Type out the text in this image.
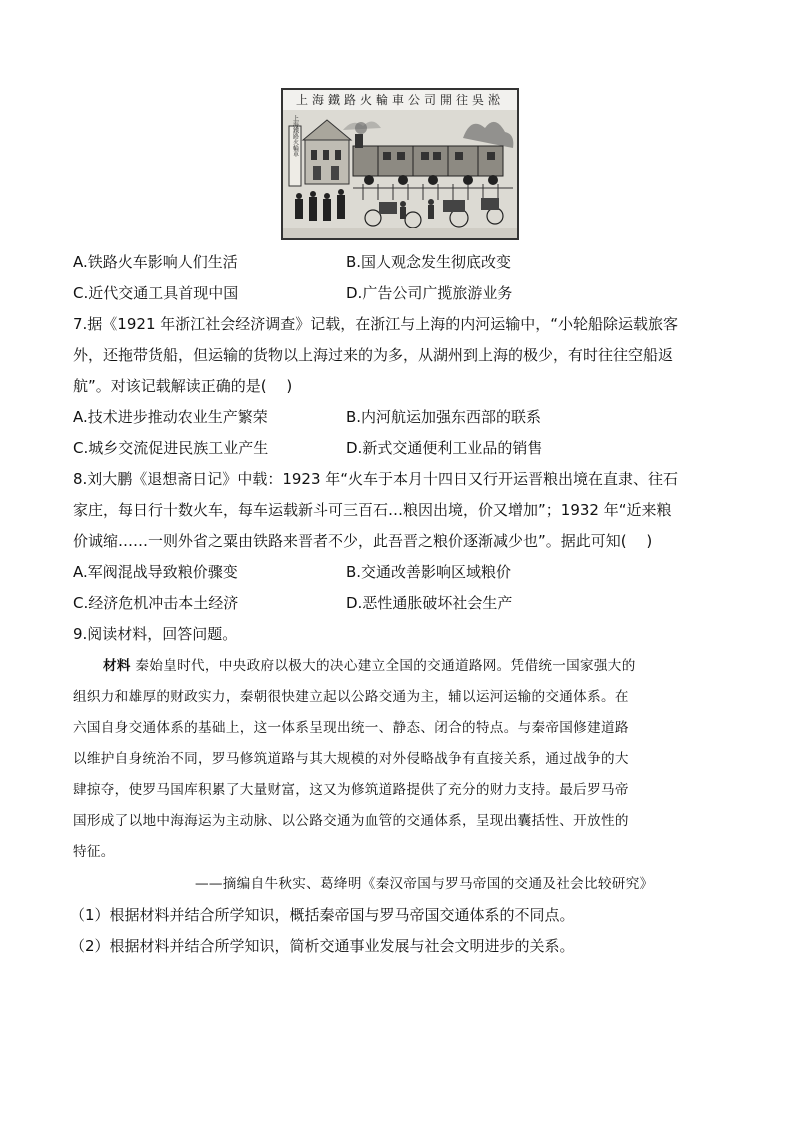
上海鐵路火輪車公司開往吳淞
上海鐵路火輪車
A.铁路火车影响人们生活	B.国人观念发生彻底改变
C.近代交通工具首现中国	D.广告公司广揽旅游业务
7.据《1921 年浙江社会经济调查》记载，在浙江与上海的内河运输中，“小轮船除运载旅客
外，还拖带货船，但运输的货物以上海过来的为多，从湖州到上海的极少，有时往往空船返
航”。对该记载解读正确的是(　 )
A.技术进步推动农业生产繁荣	B.内河航运加强东西部的联系
C.城乡交流促进民族工业产生	D.新式交通便利工业品的销售
8.刘大鹏《退想斋日记》中载：1923 年“火车于本月十四日又行开运晋粮出境在直隶、往石
家庄，每日行十数火车，每车运载新斗可三百石…粮因出境，价又增加”；1932 年“近来粮
价诚缩……一则外省之粟由铁路来晋者不少，此吾晋之粮价逐渐减少也”。据此可知(　 )
A.军阀混战导致粮价骤变	B.交通改善影响区域粮价
C.经济危机冲击本土经济	D.恶性通胀破坏社会生产
9.阅读材料，回答问题。
材料 秦始皇时代，中央政府以极大的决心建立全国的交通道路网。凭借统一国家强大的
组织力和雄厚的财政实力，秦朝很快建立起以公路交通为主，辅以运河运输的交通体系。在
六国自身交通体系的基础上，这一体系呈现出统一、静态、闭合的特点。与秦帝国修建道路
以维护自身统治不同，罗马修筑道路与其大规模的对外侵略战争有直接关系，通过战争的大
肆掠夺，使罗马国库积累了大量财富，这又为修筑道路提供了充分的财力支持。最后罗马帝
国形成了以地中海海运为主动脉、以公路交通为血管的交通体系，呈现出囊括性、开放性的
特征。
——摘编自牛秋实、葛绛明《秦汉帝国与罗马帝国的交通及社会比较研究》
（1）根据材料并结合所学知识，概括秦帝国与罗马帝国交通体系的不同点。
（2）根据材料并结合所学知识，简析交通事业发展与社会文明进步的关系。
